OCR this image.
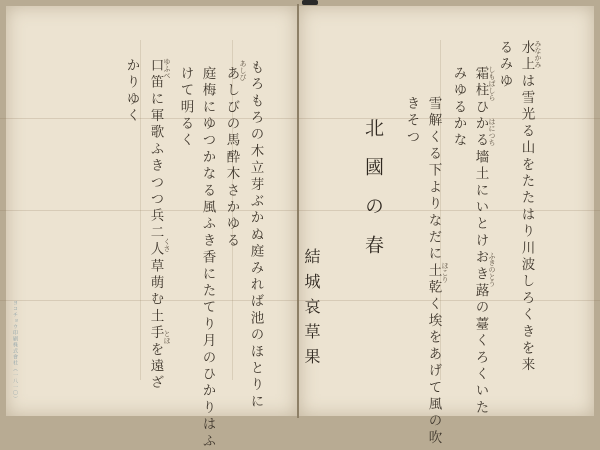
水上は雪光る山をたたはり川波しろくきを来
るみゆ
霜柱ひかる墻土にいとけおき蕗の薹くろくいた
みゆるかな
雪解くる下よりなだに土乾く埃をあげて風の吹
きそつ
北國の春
結城哀草果
もろもろの木立芽ぶかぬ庭みれば池のほとりに
あしびの馬酔木さかゆる
庭梅にゆつかなる風ふき香にたてり月のひかりはふ
けて明るく
口笛に軍歌ふきつつ兵二人草萌む土手を遠ざ
かりゆく
みなかみ
しもばしら
はにつち
ふきのとう
ほこり
あしび
ゆふべ
くさ
とほ
ヨコチョウ印刷株式會社（一八一〇）
